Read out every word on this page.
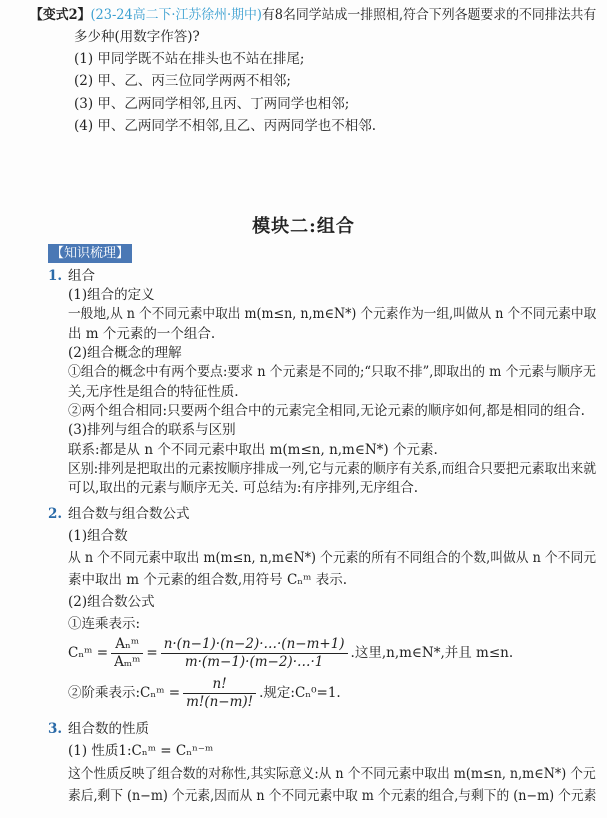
【变式2】(23-24高二下·江苏徐州·期中)有8名同学站成一排照相,符合下列各题要求的不同排法共有
多少种(用数字作答)?
(1) 甲同学既不站在排头也不站在排尾;
(2) 甲、乙、丙三位同学两两不相邻;
(3) 甲、乙两同学相邻,且丙、丁两同学也相邻;
(4) 甲、乙两同学不相邻,且乙、丙两同学也不相邻.
模块二:组合
【知识梳理】
1. 组合
(1)组合的定义
一般地,从 n 个不同元素中取出 m(m≤n, n,m∈N*) 个元素作为一组,叫做从 n 个不同元素中取
出 m 个元素的一个组合.
(2)组合概念的理解
①组合的概念中有两个要点:要求 n 个元素是不同的;“只取不排”,即取出的 m 个元素与顺序无
关,无序性是组合的特征性质.
②两个组合相同:只要两个组合中的元素完全相同,无论元素的顺序如何,都是相同的组合.
(3)排列与组合的联系与区别
联系:都是从 n 个不同元素中取出 m(m≤n, n,m∈N*) 个元素.
区别:排列是把取出的元素按顺序排成一列,它与元素的顺序有关系,而组合只要把元素取出来就
可以,取出的元素与顺序无关. 可总结为:有序排列,无序组合.
2. 组合数与组合数公式
(1)组合数
从 n 个不同元素中取出 m(m≤n, n,m∈N*) 个元素的所有不同组合的个数,叫做从 n 个不同元
素中取出 m 个元素的组合数,用符号 Cₙᵐ 表示.
(2)组合数公式
①连乘表示:
Cₙᵐ = $\frac{\text{Aₙᵐ}}{\text{Aₘᵐ}} = \frac{n\cdot(n-1)\cdot(n-2)\cdot\dots\cdot(n-m+1)}{m\cdot(m-1)\cdot(m-2)\cdot\dots\cdot 1}$ .这里,n,m∈N*,并且 m≤n.
②阶乘表示:Cₙᵐ = $\frac{n!}{m!(n-m)!}$ .规定:Cₙ⁰=1.
3. 组合数的性质
(1) 性质1:Cₙᵐ = Cₙⁿ⁻ᵐ
这个性质反映了组合数的对称性,其实际意义:从 n 个不同元素中取出 m(m≤n, n,m∈N*) 个元
素后,剩下 (n−m) 个元素,因而从 n 个不同元素中取 m 个元素的组合,与剩下的 (n−m) 个元素
